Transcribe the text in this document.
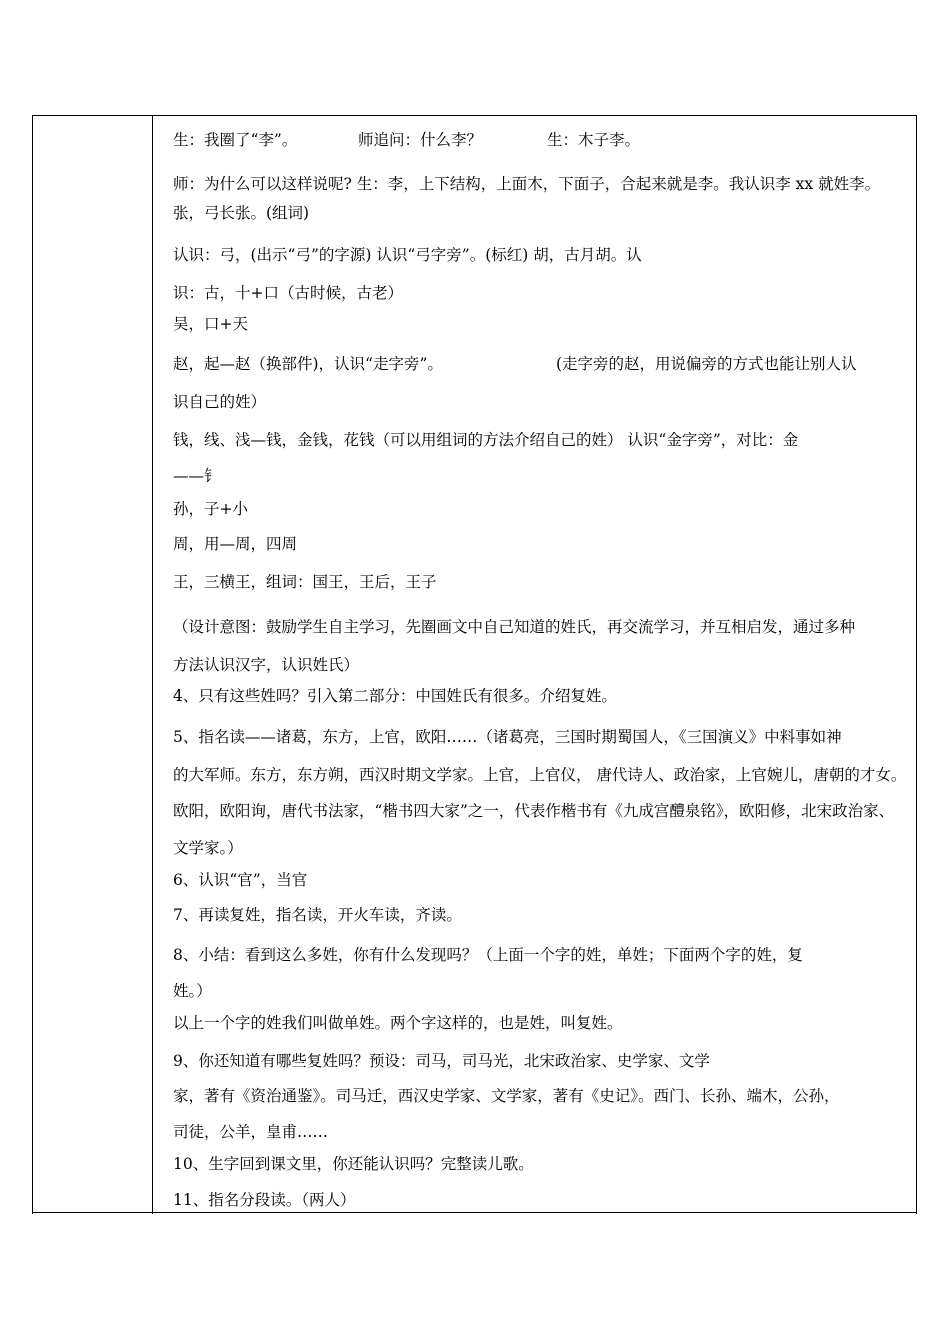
生：我圈了“李”。	师追问：什么李？	生：木子李。
师：为什么可以这样说呢? 生：李，上下结构，上面木，下面子，合起来就是李。我认识李 xx 就姓李。
张，弓长张。(组词)
认识：弓，(出示“弓”的字源) 认识“弓字旁”。(标红) 胡，古月胡。认
识：古，十+口（古时候，古老）
吴，口+天
赵，起—赵（换部件)，认识“走字旁”。	(走字旁的赵，用说偏旁的方式也能让别人认
识自己的姓）
钱，线、浅—钱，金钱，花钱（可以用组词的方法介绍自己的姓） 认识“金字旁”，对比：金
——钅
孙，子+小
周，用—周，四周
王，三横王，组词：国王，王后，王子
（设计意图：鼓励学生自主学习，先圈画文中自己知道的姓氏，再交流学习，并互相启发，通过多种
方法认识汉字，认识姓氏）
4、只有这些姓吗？引入第二部分：中国姓氏有很多。介绍复姓。
5、指名读——诸葛，东方，上官，欧阳……（诸葛亮，三国时期蜀国人，《三国演义》中料事如神
的大军师。东方，东方朔，西汉时期文学家。上官，上官仪， 唐代诗人、政治家，上官婉儿，唐朝的才女。
欧阳，欧阳询，唐代书法家，“楷书四大家”之一，代表作楷书有《九成宫醴泉铭》，欧阳修，北宋政治家、
文学家。）
6、认识“官”，当官
7、再读复姓，指名读，开火车读，齐读。
8、小结：看到这么多姓，你有什么发现吗？（上面一个字的姓，单姓；下面两个字的姓，复
姓。）
以上一个字的姓我们叫做单姓。两个字这样的，也是姓，叫复姓。
9、你还知道有哪些复姓吗？预设：司马，司马光，北宋政治家、史学家、文学
家，著有《资治通鉴》。司马迁，西汉史学家、文学家，著有《史记》。西门、长孙、端木，公孙，
司徒，公羊，皇甫……
10、生字回到课文里，你还能认识吗？完整读儿歌。
11、指名分段读。（两人）
